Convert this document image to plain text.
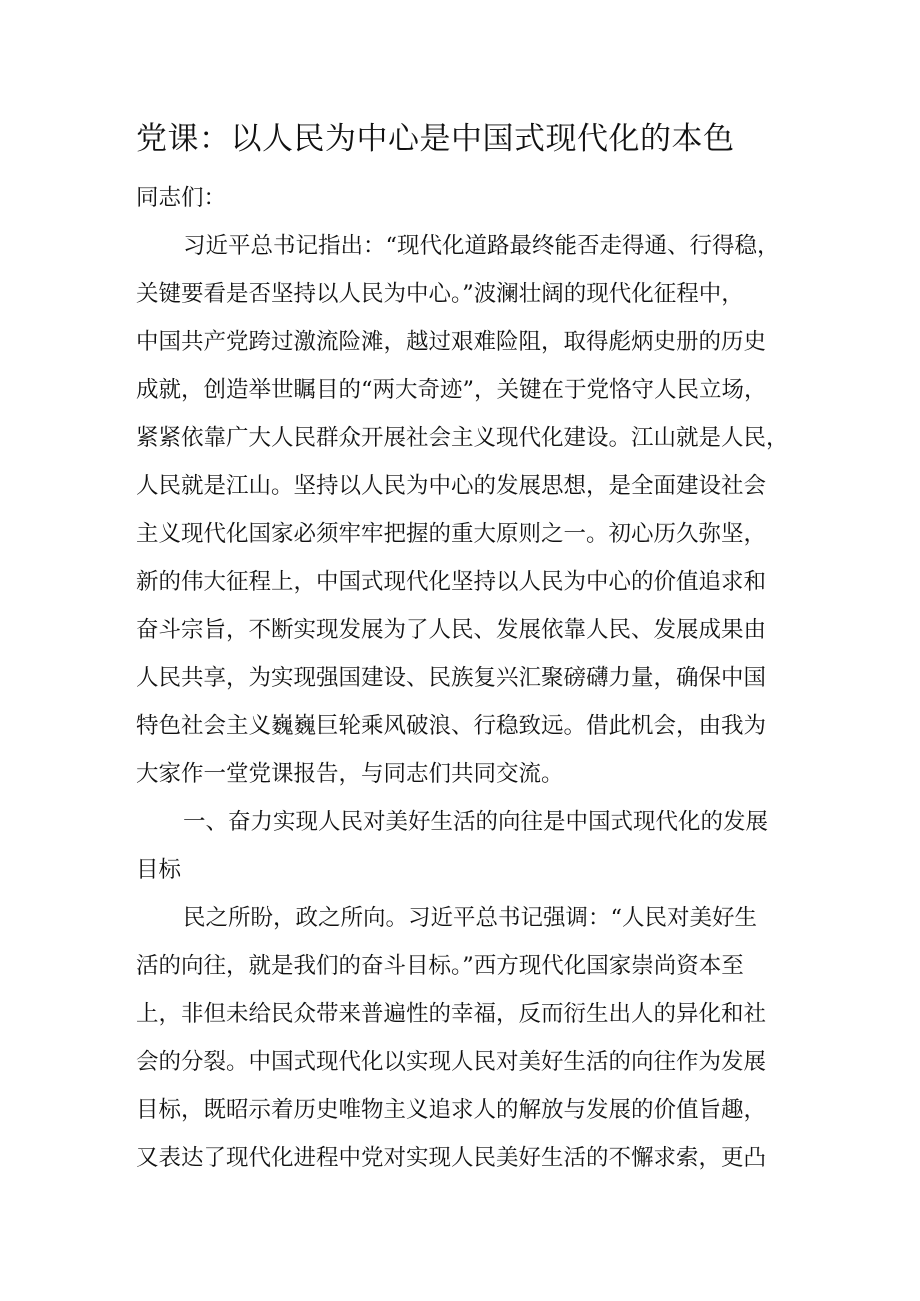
党课：以人民为中心是中国式现代化的本色

同志们：

习近平总书记指出：“现代化道路最终能否走得通、行得稳，

关键要看是否坚持以人民为中心。”波澜壮阔的现代化征程中，

中国共产党跨过激流险滩，越过艰难险阻，取得彪炳史册的历史

成就，创造举世瞩目的“两大奇迹”，关键在于党恪守人民立场，

紧紧依靠广大人民群众开展社会主义现代化建设。江山就是人民，

人民就是江山。坚持以人民为中心的发展思想，是全面建设社会

主义现代化国家必须牢牢把握的重大原则之一。初心历久弥坚，

新的伟大征程上，中国式现代化坚持以人民为中心的价值追求和

奋斗宗旨，不断实现发展为了人民、发展依靠人民、发展成果由

人民共享，为实现强国建设、民族复兴汇聚磅礴力量，确保中国

特色社会主义巍巍巨轮乘风破浪、行稳致远。借此机会，由我为

大家作一堂党课报告，与同志们共同交流。

一、奋力实现人民对美好生活的向往是中国式现代化的发展

目标

民之所盼，政之所向。习近平总书记强调：“人民对美好生

活的向往，就是我们的奋斗目标。”西方现代化国家崇尚资本至

上，非但未给民众带来普遍性的幸福，反而衍生出人的异化和社

会的分裂。中国式现代化以实现人民对美好生活的向往作为发展

目标，既昭示着历史唯物主义追求人的解放与发展的价值旨趣，

又表达了现代化进程中党对实现人民美好生活的不懈求索，更凸
